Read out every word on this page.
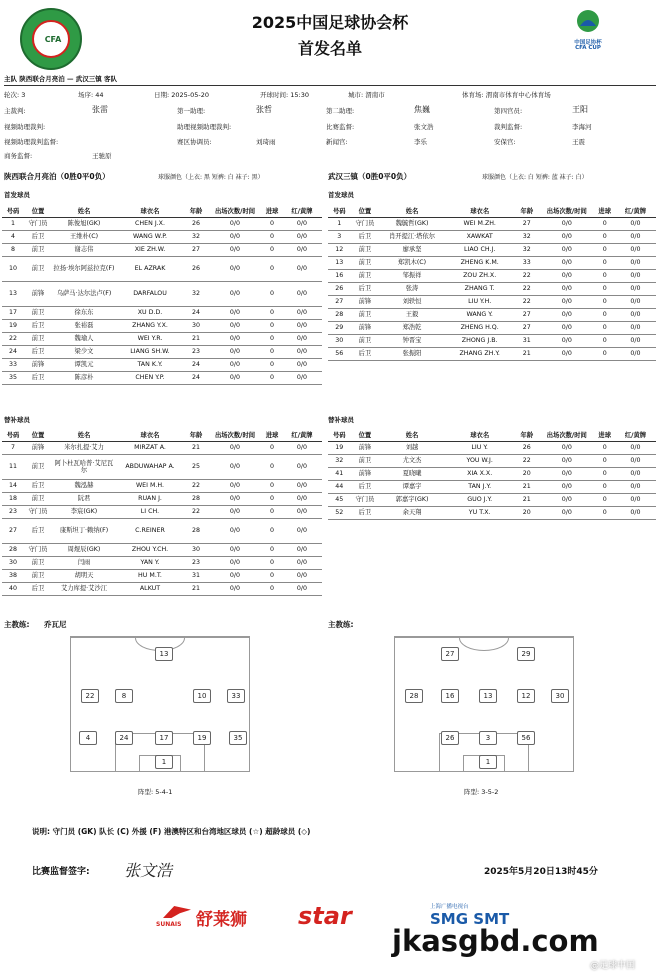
CFA
2025中国足球协会杯
首发名单	中国足协杯
CFA CUP
主队 陕西联合月亮泊 — 武汉三镇 客队
轮次: 3	场序: 44	日期: 2025-05-20	开球时间: 15:30	城市: 渭南市	体育场: 渭南市体育中心体育场
主裁判:	张雷	第一助理:	张哲	第二助理:	焦巍	第四官员:	王阳
视频助理裁判:	助理视频助理裁判:	比赛监督:	张文浩	裁判监督:	李海河
视频助理裁判监督:	赛区协调员:	刘琦雨	新闻官:	李乐	安保官:	王震
商务监督:	王驰原
陕西联合月亮泊（0胜0平0负）	球服颜色（上衣: 黑 短裤: 白 袜子: 黑）	武汉三镇（0胜0平0负）	球服颜色（上衣: 白 短裤: 蓝 袜子: 白）
首发球员	首发球员
号码	位置	姓名	球衣名	年龄	出场次数/时间	进球	红/黄牌
1	守门员	陈俊旭(GK)	CHEN J.X.	26	0/0	0	0/0
4	后卫	王维朴(C)	WANG W.P.	32	0/0	0	0/0
8	前卫	谢志伟	XIE ZH.W.	27	0/0	0	0/0
10	前卫	拉扬·埃尔阿兹拉克(F)	EL AZRAK	26	0/0	0	0/0
13	前锋	乌萨马·达尔法卢(F)	DARFALOU	32	0/0	0	0/0
17	前卫	徐东东	XU D.D.	24	0/0	0	0/0
19	后卫	张裕磊	ZHANG Y.X.	30	0/0	0	0/0
22	前卫	魏瑜人	WEI Y.R.	21	0/0	0	0/0
24	后卫	梁少文	LIANG SH.W.	23	0/0	0	0/0
33	前锋	谭凯元	TAN K.Y.	24	0/0	0	0/0
35	后卫	陈彦朴	CHEN Y.P.	24	0/0	0	0/0
号码	位置	姓名	球衣名	年龄	出场次数/时间	进球	红/黄牌
1	守门员	魏毓哲(GK)	WEI M.ZH.	27	0/0	0	0/0
3	后卫	肖开提江·塔依尔	XAWKAT	32	0/0	0	0/0
12	前卫	廖承坚	LIAO CH.J.	32	0/0	0	0/0
13	前卫	郑凯木(C)	ZHENG K.M.	33	0/0	0	0/0
16	前卫	邹振祥	ZOU ZH.X.	22	0/0	0	0/0
26	后卫	张涛	ZHANG T.	22	0/0	0	0/0
27	前锋	刘轶恒	LIU Y.H.	22	0/0	0	0/0
28	前卫	王毅	WANG Y.	27	0/0	0	0/0
29	前锋	郑浩乾	ZHENG H.Q.	27	0/0	0	0/0
30	前卫	钟晋宝	ZHONG J.B.	31	0/0	0	0/0
56	后卫	张振阳	ZHANG ZH.Y.	21	0/0	0	0/0
替补球员	替补球员
号码	位置	姓名	球衣名	年龄	出场次数/时间	进球	红/黄牌
7	前锋	米尔扎提·艾力	MIRZAT A.	21	0/0	0	0/0
11	前卫	阿卜杜瓦哈普·艾尼瓦尔	ABDUWAHAP A.	25	0/0	0	0/0
14	后卫	魏泓赫	WEI M.H.	22	0/0	0	0/0
18	前卫	阮君	RUAN J.	28	0/0	0	0/0
23	守门员	李宸(GK)	LI CH.	22	0/0	0	0/0
27	后卫	康斯坦丁·赖纳(F)	C.REINER	28	0/0	0	0/0
28	守门员	周煜辰(GK)	ZHOU Y.CH.	30	0/0	0	0/0
30	前卫	闫雨	YAN Y.	23	0/0	0	0/0
38	前卫	胡明天	HU M.T.	31	0/0	0	0/0
40	后卫	艾力库提·艾沙江	ALKUT	21	0/0	0	0/0
号码	位置	姓名	球衣名	年龄	出场次数/时间	进球	红/黄牌
19	前锋	刘越	LIU Y.	26	0/0	0	0/0
32	前卫	尤文杰	YOU W.J.	22	0/0	0	0/0
41	前锋	夏晓曦	XIA X.X.	20	0/0	0	0/0
44	后卫	谭嘉宇	TAN J.Y.	21	0/0	0	0/0
45	守门员	郭嘉宇(GK)	GUO J.Y.	21	0/0	0	0/0
52	后卫	余天翔	YU T.X.	20	0/0	0	0/0
主教练: 乔瓦尼	主教练:
13
22	8	10	33
4	24	17	19	35
1
27	29
28	16	13	12	30
26	3	56
1
阵型: 5-4-1	阵型: 3-5-2
说明: 守门员 (GK) 队长 (C) 外援 (F) 港澳特区和台湾地区球员 (☆) 超龄球员 (◇)
比赛监督签字: 张文浩	2025年5月20日13时45分
舒莱狮
SUNAIS	star	上海广播电视台
SMG SMT
jkasgbd.com
@足球中国
